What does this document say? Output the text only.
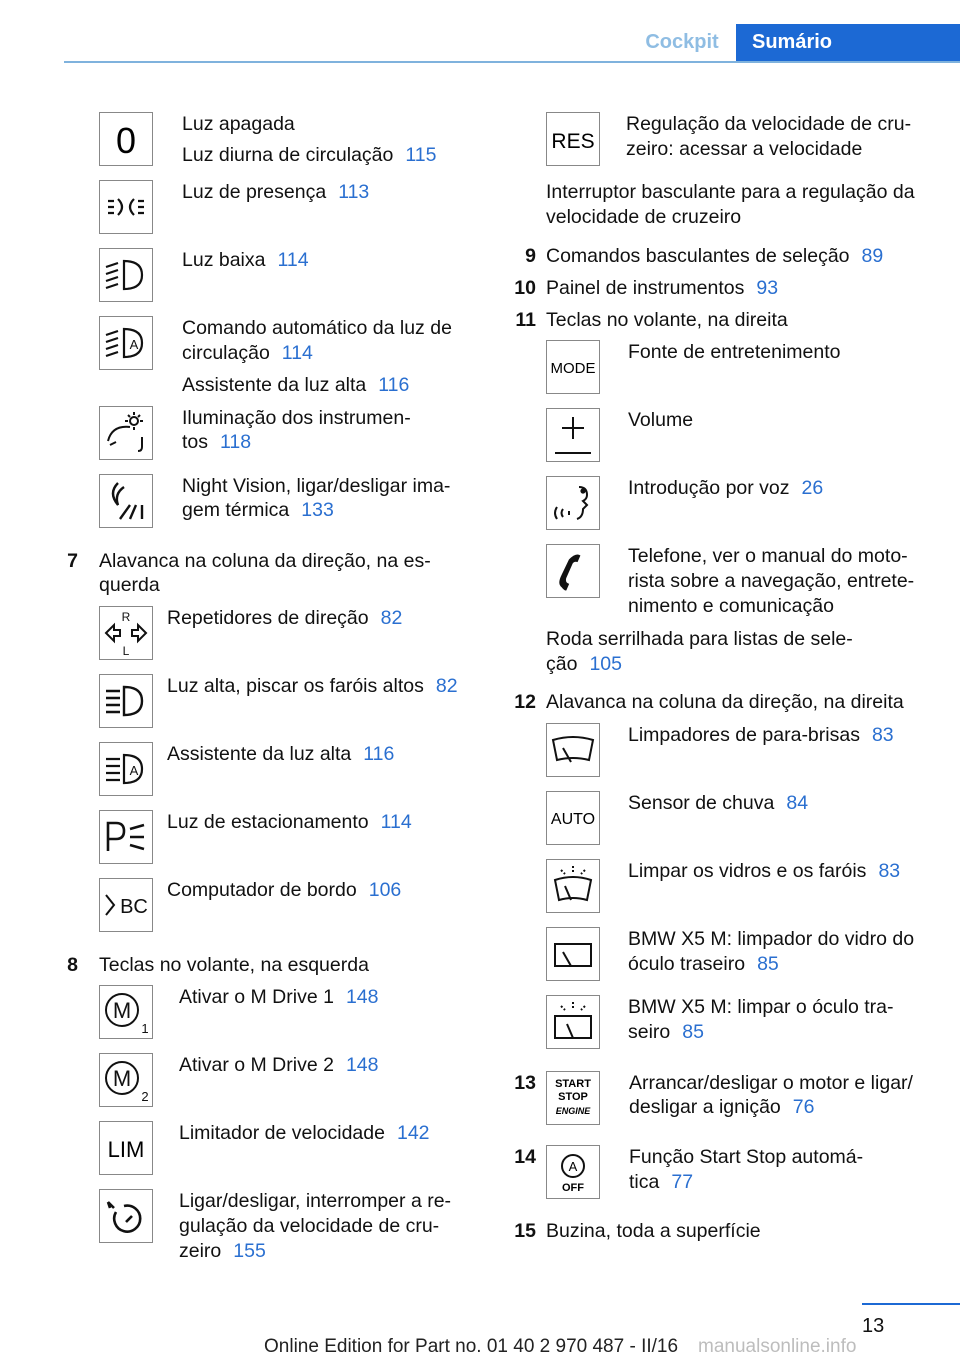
Cockpit	Sumário
0 Luz apagada
Luz diurna de circulação 115
Luz de presença 113
Luz baixa 114
A
Comando automático da luz de
circulação 114
Assistente da luz alta 116
Iluminação dos instrumen-
tos 118
Night Vision, ligar/desligar ima-
gem térmica 133
7 Alavanca na coluna da direção, na es-
querda
R
L
Repetidores de direção 82
Luz alta, piscar os faróis altos 82
A
Assistente da luz alta 116
Luz de estacionamento 114
BC
Computador de bordo 106
8 Teclas no volante, na esquerda
M
1
Ativar o M Drive 1 148
M
2
Ativar o M Drive 2 148
LIM
Limitador de velocidade 142
Ligar/desligar, interromper a re-
gulação da velocidade de cru-
zeiro 155
RES
Regulação da velocidade de cru-
zeiro: acessar a velocidade
Interruptor basculante para a regulação da
velocidade de cruzeiro
9 Comandos basculantes de seleção 89
10 Painel de instrumentos 93
11 Teclas no volante, na direita
MODE
Fonte de entretenimento
Volume
Introdução por voz 26
Telefone, ver o manual do moto-
rista sobre a navegação, entrete-
nimento e comunicação
Roda serrilhada para listas de sele-
ção 105
12 Alavanca na coluna da direção, na direita
Limpadores de para-brisas 83
AUTO
Sensor de chuva 84
Limpar os vidros e os faróis 83
BMW X5 M: limpador do vidro do
óculo traseiro 85
BMW X5 M: limpar o óculo tra-
seiro 85
13 START
STOP
ENGINE
Arrancar/desligar o motor e ligar/
desligar a ignição 76
14	A
OFF
Função Start Stop automá-
tica 77
15 Buzina, toda a superfície
13
Online Edition for Part no. 01 40 2 970 487 - II/16 manualsonline.info
